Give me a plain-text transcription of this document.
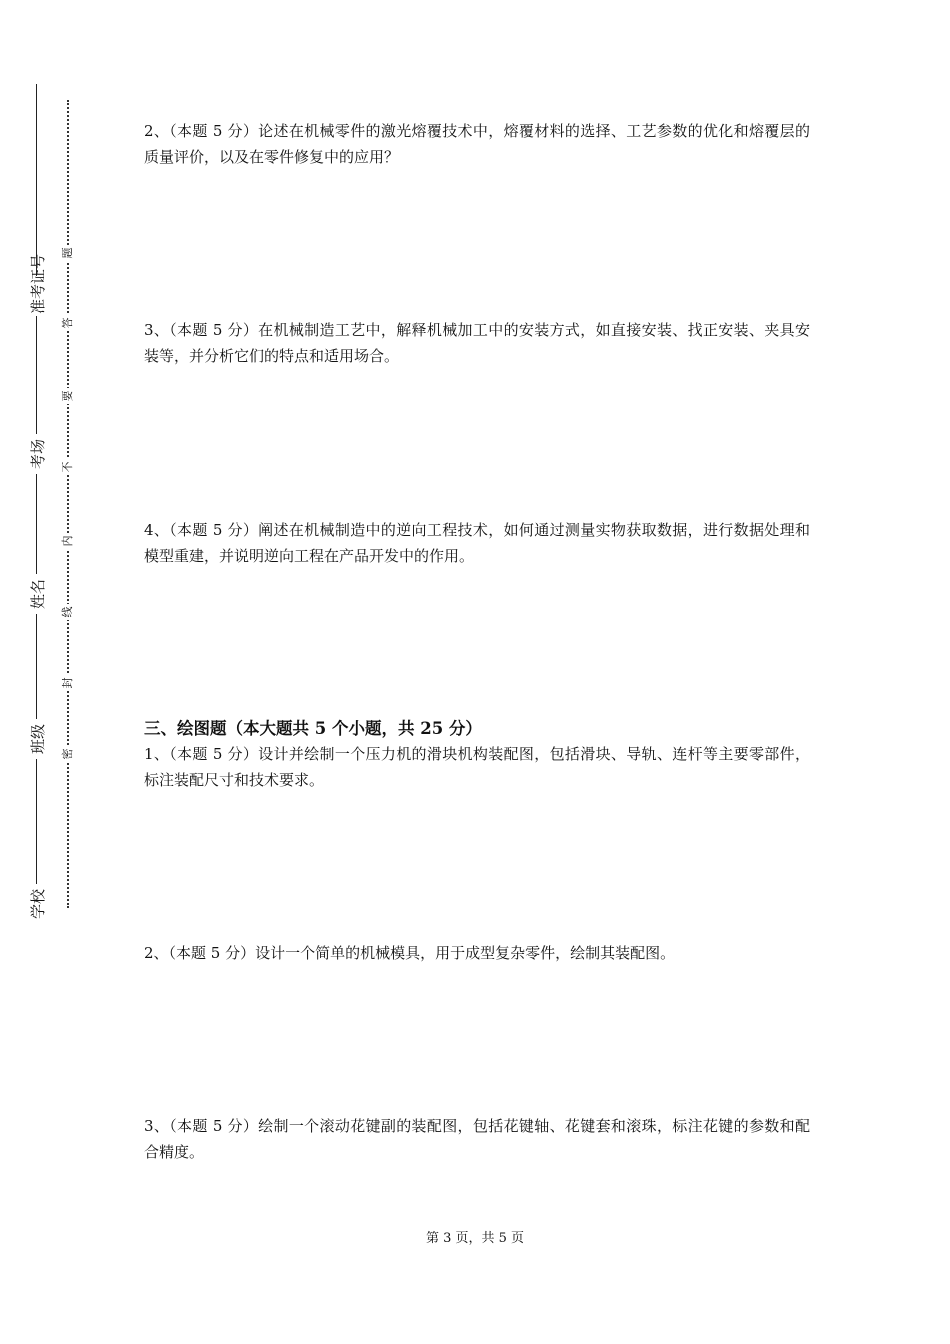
学校
班级
姓名
考场
准考证号
题
答
要
不
内
线
封
密
2、（本题 5 分）论述在机械零件的激光熔覆技术中，熔覆材料的选择、工艺参数的优化和熔覆层的质量评价，以及在零件修复中的应用？
3、（本题 5 分）在机械制造工艺中，解释机械加工中的安装方式，如直接安装、找正安装、夹具安装等，并分析它们的特点和适用场合。
4、（本题 5 分）阐述在机械制造中的逆向工程技术，如何通过测量实物获取数据，进行数据处理和模型重建，并说明逆向工程在产品开发中的作用。
三、绘图题（本大题共 5 个小题，共 25 分）
1、（本题 5 分）设计并绘制一个压力机的滑块机构装配图，包括滑块、导轨、连杆等主要零部件，标注装配尺寸和技术要求。
2、（本题 5 分）设计一个简单的机械模具，用于成型复杂零件，绘制其装配图。
3、（本题 5 分）绘制一个滚动花键副的装配图，包括花键轴、花键套和滚珠，标注花键的参数和配合精度。
第 3 页，共 5 页
